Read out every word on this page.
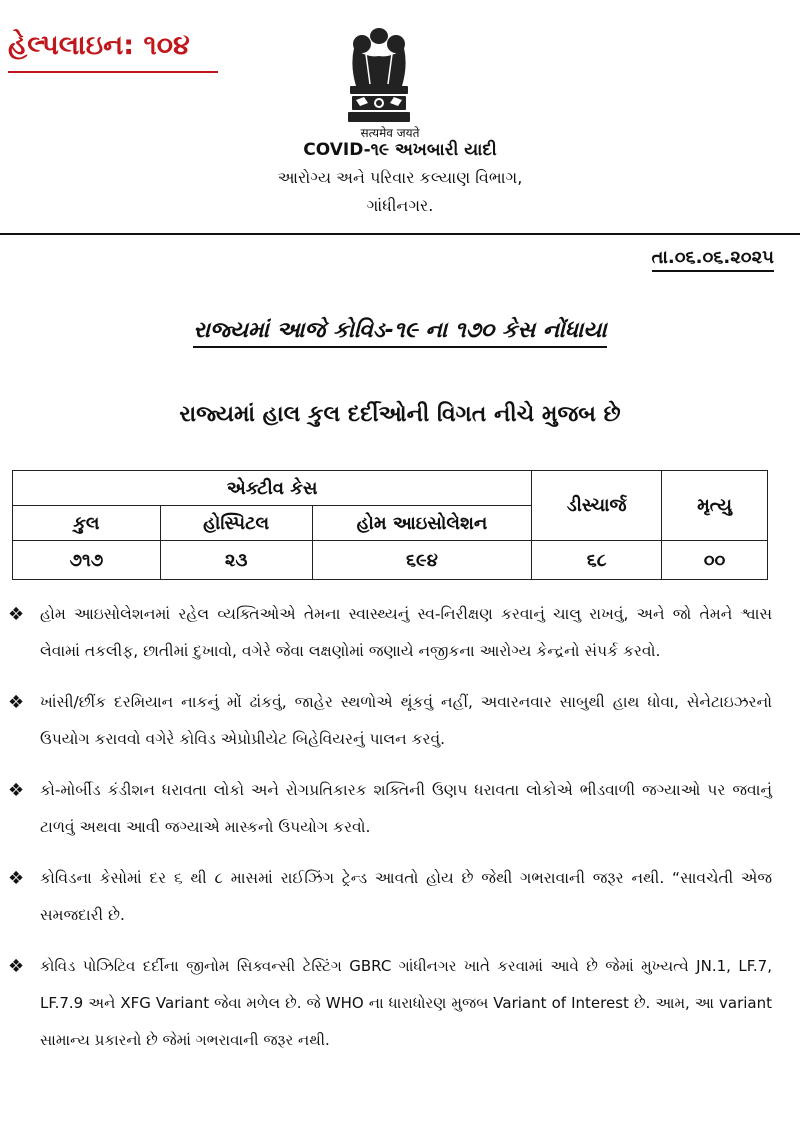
હેલ્પલાઇન: ૧૦૪
सत्यमेव जयते
COVID-૧૯ અખબારી યાદી
આરોગ્ય અને પરિવાર કલ્યાણ વિભાગ,
ગાંધીનગર.
તા.૦૬.૦૬.૨૦૨૫
રાજ્યમાં આજે કોવિડ-૧૯ ના ૧૭૦ કેસ નોંધાયા
રાજ્યમાં હાલ કુલ દર્દીઓની વિગત નીચે મુજબ છે
એક્ટીવ કેસ			ડીસ્ચાર્જ	મૃત્યુ
કુલ	હોસ્પિટલ	હોમ આઇસોલેશન		
૭૧૭	૨૩	૬૯૪	૬૮	૦૦
❖	હોમ આઇસોલેશનમાં રહેલ વ્યક્તિઓએ તેમના સ્વાસ્થ્યનું સ્વ-નિરીક્ષણ કરવાનું ચાલુ રાખવું, અને જો તેમને શ્વાસ લેવામાં તકલીફ, છાતીમાં દુખાવો, વગેરે જેવા લક્ષણોમાં જણાયે નજીકના આરોગ્ય કેન્દ્રનો સંપર્ક કરવો.
❖	ખાંસી/છીંક દરમિયાન નાકનું મોં ઢાંકવું, જાહેર સ્થળોએ થૂંકવું નહીં, અવારનવાર સાબુથી હાથ ધોવા, સેનેટાઇઝરનો ઉપયોગ કરાવવો વગેરે કોવિડ એપ્રોપ્રીયેટ બિહેવિયરનું પાલન કરવું.
❖	કો-મોર્બીડ કંડીશન ધરાવતા લોકો અને રોગપ્રતિકારક શક્તિની ઉણપ ધરાવતા લોકોએ ભીડવાળી જગ્યાઓ પર જવાનું ટાળવું અથવા આવી જગ્યાએ માસ્કનો ઉપયોગ કરવો.
❖	કોવિડના કેસોમાં દર ૬ થી ૮ માસમાં રાઈઝિંગ ટ્રેન્ડ આવતો હોય છે જેથી ગભરાવાની જરૂર નથી. “સાવચેતી એજ સમજદારી છે.
❖	કોવિડ પોઝિટિવ દર્દીના જીનોમ સિક્વન્સી ટેસ્ટિંગ GBRC ગાંધીનગર ખાતે કરવામાં આવે છે જેમાં મુખ્યત્વે JN.1, LF.7, LF.7.9 અને XFG Variant જેવા મળેલ છે. જે WHO ના ધારાધોરણ મુજબ Variant of Interest છે. આમ, આ variant સામાન્ય પ્રકારનો છે જેમાં ગભરાવાની જરૂર નથી.
